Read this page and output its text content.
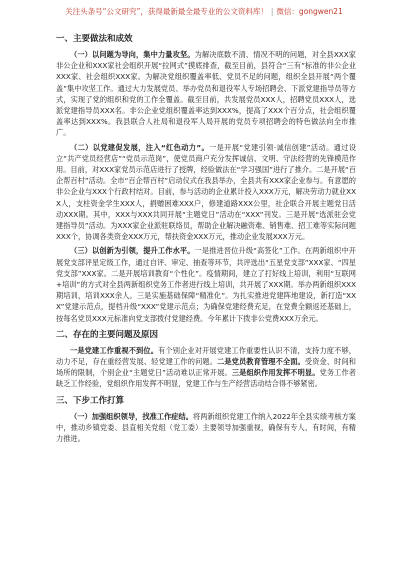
关注头条号“公文研究”，获得最新最全最专业的公文资料库！ | 微信：gongwen21
一、主要做法和成效

（一）以问题为导向，集中力量攻坚。为解决底数不清、情况不明的问题，对全县XXX家非公企业和XXX家社会组织开展“拉网式”摸底排查，截至目前，县符合“三有”标准的非公企业XXX家、社会组织XXX家。为解决党组织覆盖率低、党员不足的问题，组织全县开展“两个覆盖”集中攻坚工作。通过大力发展党员、举办党员和退役军人专场招聘会、下派党建指导员等方式，实现了党的组织和党的工作全覆盖。截至目前，共发展党员XXX人，招聘党员XXX人，选派党建指导员XXX名。非公企业党组织覆盖率达到XXX%，提高了XXX个百分点，社会组织覆盖率达到XXX%。我县联合人社局和退役军人局开展的党员专项招聘会的特色做法向全市推广。

（二）以党建促发展，注入“红色动力”。一是开展“党建引领·诚信创建”活动。通过设立“共产党员经营店”“党员示范岗”，使党员商户充分发挥诚信、文明、守法经营的先锋模范作用。目前，对XXX家党员示范店进行了授牌，经验做法在“学习强国”进行了推介。二是开展“百企帮百村”活动。全市“百企帮百村”启动仪式在我县举办，全县共有XXX家企业参与。有意愿的非公企业与XXX个行政村结对。目前，参与活动的企业累计投入XXX万元，解决劳动力就业XXX人，支柱资金学生XXX人，捐赠困难XXX户，修建道路XXX公里，社企联合开展主题党日活动XXX期。其中，XXX与XXX共同开展“主题党日”活动在“XXX”刊发。三是开展“选派驻会党建指导员”活动。为XXX家企业派驻联络员，帮助企业解决融资难、销售难、招工难等实际问题XXX个，协调各类资金XXX万元，帮扶资金XXX万元，推动企业发展XXX万元。

（三）以创新为引领，提升工作水平。一是推进晋位升级“高签化”工作。在两新组织中开展党支部评星定级工作，通过自评、审定、抽查等环节，共评选出“五星党支部”XXX家、“四星党支部”XXX家。二是开展培训教育“个性化”。疫情期间，建立了打好线上培训，利用“互联网+培训”的方式对全县两新组织党务工作者进行线上培训，共开展了XXX期。举办两新组织XXX期培训，培训XXX余人。三是实施基础保障“精准化”。为扎实推进党建阵地建设，新打造“XXX”党建示范点，提档升级“XXX”党建示范点；为确保党建经费充足，在党费全额返还基础上，按每名党员XXX元标准向党支部拨付党建经费。今年累计下拨非公党费XXX万余元。

二、存在的主要问题及原因

一是党建工作重视不到位。有个别企业对开展党建工作重要性认识不清，支持力度不够，动力不足，存在重经营发展、轻党建工作的问题。二是党员教育管理不全面。受资金、时间和场所的限制，个别企业“主题党日”活动难以正常开展。三是组织作用发挥不明显。党务工作者缺乏工作经验，党组织作用发挥不明显，党建工作与生产经营活动结合得不够紧密。

三、下步工作打算

（一）加强组织领导，找准工作症结。将两新组织党建工作纳入2022年全县实绩考核方案中，推动乡镇党委、县直相关党组（党工委）主要领导加强重视，确保有专人、有时间，有精力推进。
